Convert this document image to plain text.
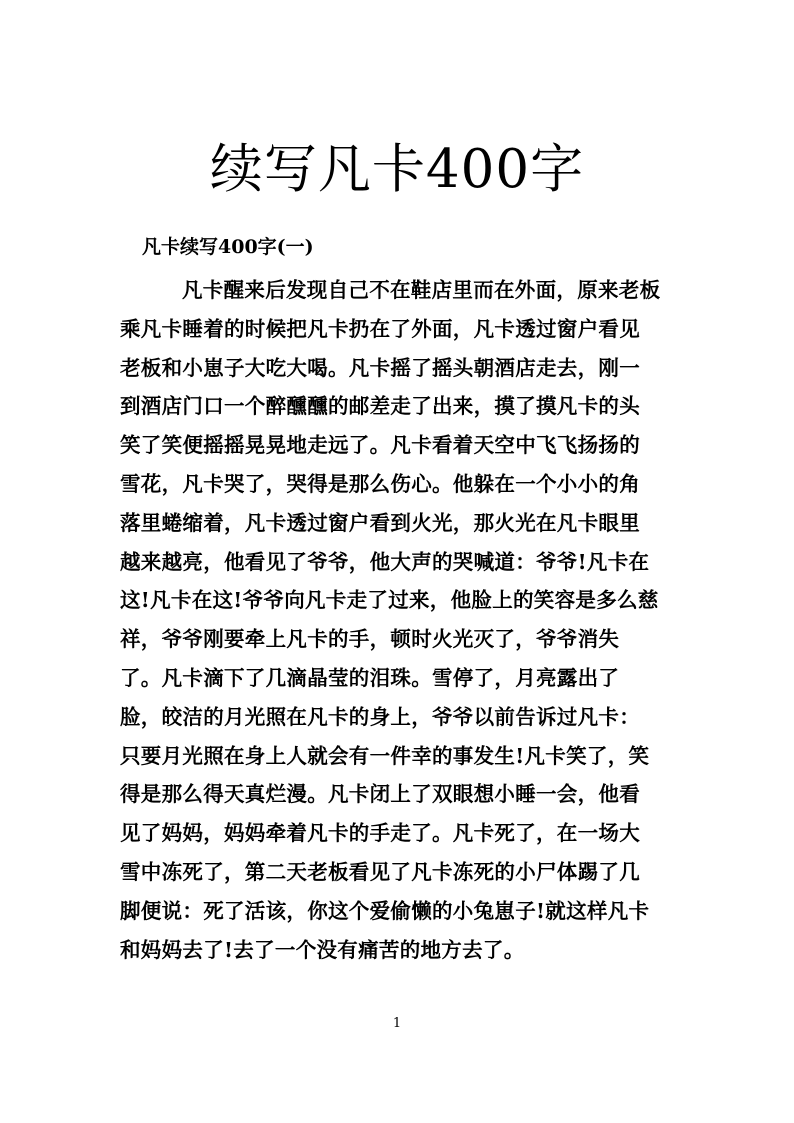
续写凡卡400字

凡卡续写400字(一)

凡卡醒来后发现自己不在鞋店里而在外面，原来老板
乘凡卡睡着的时候把凡卡扔在了外面，凡卡透过窗户看见
老板和小崽子大吃大喝。凡卡摇了摇头朝酒店走去，刚一
到酒店门口一个醉醺醺的邮差走了出来，摸了摸凡卡的头
笑了笑便摇摇晃晃地走远了。凡卡看着天空中飞飞扬扬的
雪花，凡卡哭了，哭得是那么伤心。他躲在一个小小的角
落里蜷缩着，凡卡透过窗户看到火光，那火光在凡卡眼里
越来越亮，他看见了爷爷，他大声的哭喊道：爷爷!凡卡在
这!凡卡在这!爷爷向凡卡走了过来，他脸上的笑容是多么慈
祥，爷爷刚要牵上凡卡的手，顿时火光灭了，爷爷消失
了。凡卡滴下了几滴晶莹的泪珠。雪停了，月亮露出了
脸，皎洁的月光照在凡卡的身上，爷爷以前告诉过凡卡：
只要月光照在身上人就会有一件幸的事发生!凡卡笑了，笑
得是那么得天真烂漫。凡卡闭上了双眼想小睡一会，他看
见了妈妈，妈妈牵着凡卡的手走了。凡卡死了，在一场大
雪中冻死了，第二天老板看见了凡卡冻死的小尸体踢了几
脚便说：死了活该，你这个爱偷懒的小兔崽子!就这样凡卡
和妈妈去了!去了一个没有痛苦的地方去了。

1
